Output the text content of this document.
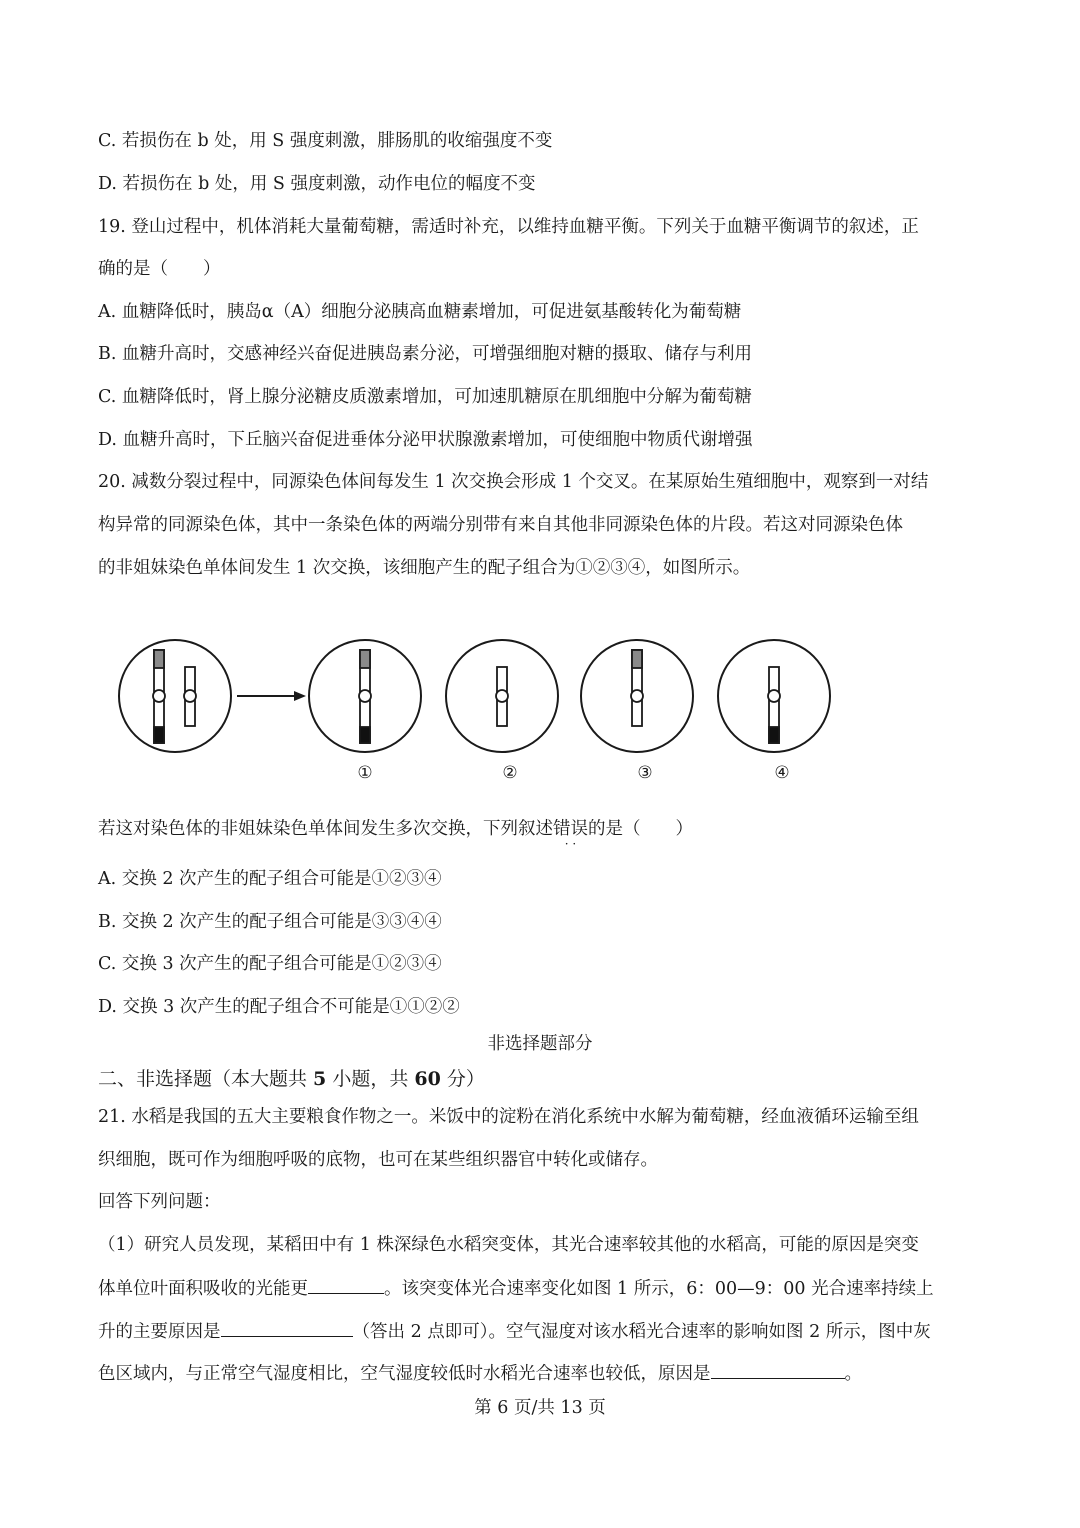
C. 若损伤在 b 处，用 S 强度刺激，腓肠肌的收缩强度不变
D. 若损伤在 b 处，用 S 强度刺激，动作电位的幅度不变
19. 登山过程中，机体消耗大量葡萄糖，需适时补充，以维持血糖平衡。下列关于血糖平衡调节的叙述，正
确的是（　　）
A. 血糖降低时，胰岛α（A）细胞分泌胰高血糖素增加，可促进氨基酸转化为葡萄糖
B. 血糖升高时，交感神经兴奋促进胰岛素分泌，可增强细胞对糖的摄取、储存与利用
C. 血糖降低时，肾上腺分泌糖皮质激素增加，可加速肌糖原在肌细胞中分解为葡萄糖
D. 血糖升高时，下丘脑兴奋促进垂体分泌甲状腺激素增加，可使细胞中物质代谢增强
20. 减数分裂过程中，同源染色体间每发生 1 次交换会形成 1 个交叉。在某原始生殖细胞中，观察到一对结
构异常的同源染色体，其中一条染色体的两端分别带有来自其他非同源染色体的片段。若这对同源染色体
的非姐妹染色单体间发生 1 次交换，该细胞产生的配子组合为①②③④，如图所示。
①	②	③	④
若这对染色体的非姐妹染色单体间发生多次交换，下列叙述错误
· ·
的是（　　）
A. 交换 2 次产生的配子组合可能是①②③④
B. 交换 2 次产生的配子组合可能是③③④④
C. 交换 3 次产生的配子组合可能是①②③④
D. 交换 3 次产生的配子组合不可能是①①②②
非选择题部分
二、非选择题（本大题共 5 小题，共 60 分）
21. 水稻是我国的五大主要粮食作物之一。米饭中的淀粉在消化系统中水解为葡萄糖，经血液循环运输至组
织细胞，既可作为细胞呼吸的底物，也可在某些组织器官中转化或储存。
回答下列问题：
（1）研究人员发现，某稻田中有 1 株深绿色水稻突变体，其光合速率较其他的水稻高，可能的原因是突变
体单位叶面积吸收的光能更	。该突变体光合速率变化如图 1 所示，6：00—9：00 光合速率持续上
升的主要原因是	（答出 2 点即可）。空气湿度对该水稻光合速率的影响如图 2 所示，图中灰
色区域内，与正常空气湿度相比，空气湿度较低时水稻光合速率也较低，原因是	。
第 6 页/共 13 页
